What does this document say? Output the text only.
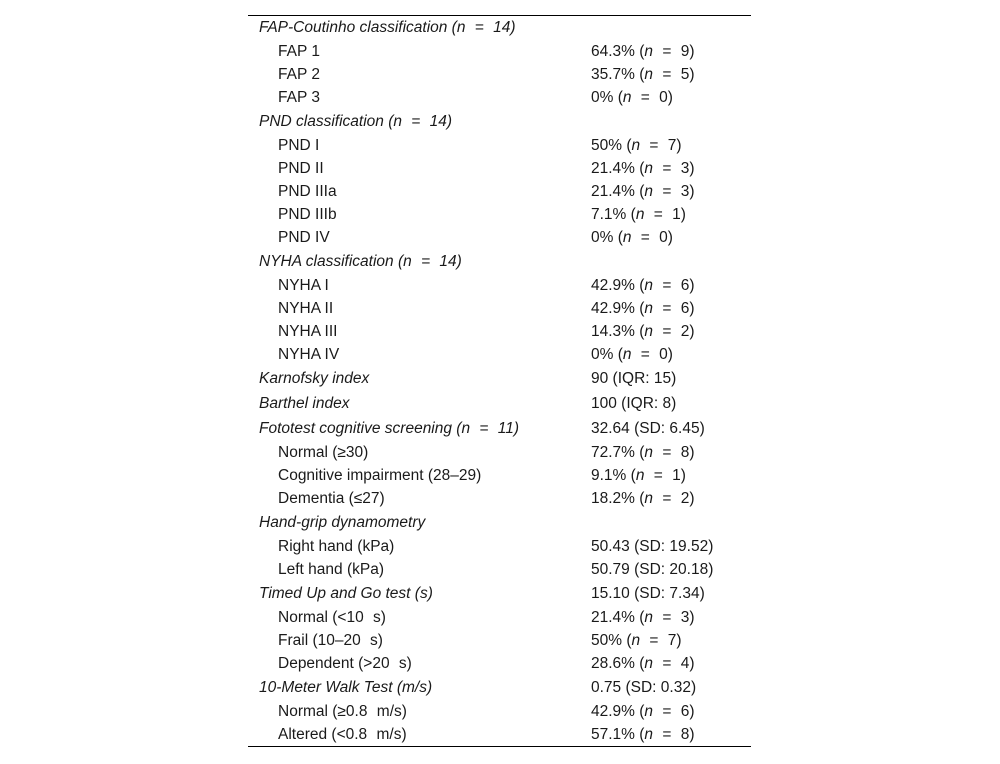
FAP-Coutinho classification (n   =   14)
FAP 1	64.3% (n   =   9)
FAP 2	35.7% (n   =   5)
FAP 3	0% (n   =   0)
PND classification (n   =   14)
PND I	50% (n   =   7)
PND II	21.4% (n   =   3)
PND IIIa	21.4% (n   =   3)
PND IIIb	7.1% (n   =   1)
PND IV	0% (n   =   0)
NYHA classification (n   =   14)
NYHA I	42.9% (n   =   6)
NYHA II	42.9% (n   =   6)
NYHA III	14.3% (n   =   2)
NYHA IV	0% (n   =   0)
Karnofsky index	90 (IQR: 15)
Barthel index	100 (IQR: 8)
Fototest cognitive screening (n   =   11)	32.64 (SD: 6.45)
Normal (≥30)	72.7% (n   =   8)
Cognitive impairment (28–29)	9.1% (n   =   1)
Dementia (≤27)	18.2% (n   =   2)
Hand-grip dynamometry
Right hand (kPa)	50.43 (SD: 19.52)
Left hand (kPa)	50.79 (SD: 20.18)
Timed Up and Go test (s)	15.10 (SD: 7.34)
Normal (<10   s)	21.4% (n   =   3)
Frail (10–20   s)	50% (n   =   7)
Dependent (>20   s)	28.6% (n   =   4)
10-Meter Walk Test (m/s)	0.75 (SD: 0.32)
Normal (≥0.8   m/s)	42.9% (n   =   6)
Altered (<0.8   m/s)	57.1% (n   =   8)
